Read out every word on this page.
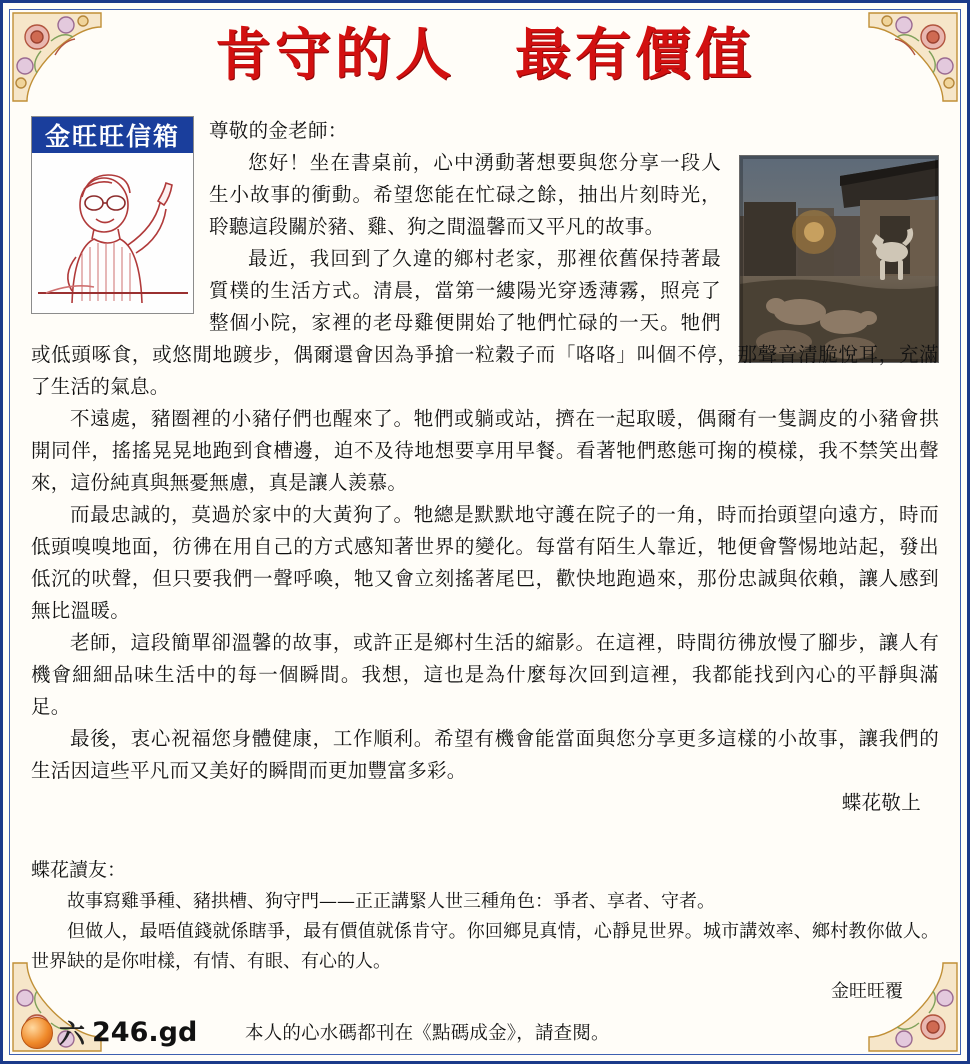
肯守的人　最有價值
金旺旺信箱	尊敬的金老師：

您好！坐在書桌前，心中湧動著想要與您分享一段人生小故事的衝動。希望您能在忙碌之餘，抽出片刻時光，聆聽這段關於豬、雞、狗之間溫馨而又平凡的故事。

最近，我回到了久違的鄉村老家，那裡依舊保持著最質樸的生活方式。清晨，當第一縷陽光穿透薄霧，照亮了整個小院，家裡的老母雞便開始了牠們忙碌的一天。牠們或低頭啄食，或悠閒地踱步，偶爾還會因為爭搶一粒穀子而「咯咯」叫個不停，那聲音清脆悅耳，充滿了生活的氣息。

不遠處，豬圈裡的小豬仔們也醒來了。牠們或躺或站，擠在一起取暖，偶爾有一隻調皮的小豬會拱開同伴，搖搖晃晃地跑到食槽邊，迫不及待地想要享用早餐。看著牠們憨態可掬的模樣，我不禁笑出聲來，這份純真與無憂無慮，真是讓人羨慕。

而最忠誠的，莫過於家中的大黃狗了。牠總是默默地守護在院子的一角，時而抬頭望向遠方，時而低頭嗅嗅地面，彷彿在用自己的方式感知著世界的變化。每當有陌生人靠近，牠便會警惕地站起，發出低沉的吠聲，但只要我們一聲呼喚，牠又會立刻搖著尾巴，歡快地跑過來，那份忠誠與依賴，讓人感到無比溫暖。

老師，這段簡單卻溫馨的故事，或許正是鄉村生活的縮影。在這裡，時間彷彿放慢了腳步，讓人有機會細細品味生活中的每一個瞬間。我想，這也是為什麼每次回到這裡，我都能找到內心的平靜與滿足。

最後，衷心祝福您身體健康，工作順利。希望有機會能當面與您分享更多這樣的小故事，讓我們的生活因這些平凡而又美好的瞬間而更加豐富多彩。

蝶花敬上

蝶花讀友：

故事寫雞爭種、豬拱槽、狗守門——正正講緊人世三種角色：爭者、享者、守者。

但做人，最唔值錢就係瞎爭，最有價值就係肯守。你回鄉見真情，心靜見世界。城市講效率、鄉村教你做人。世界缺的是你咁樣，有情、有眼、有心的人。

金旺旺覆

六 246.gd	本人的心水碼都刊在《點碼成金》，請查閱。
